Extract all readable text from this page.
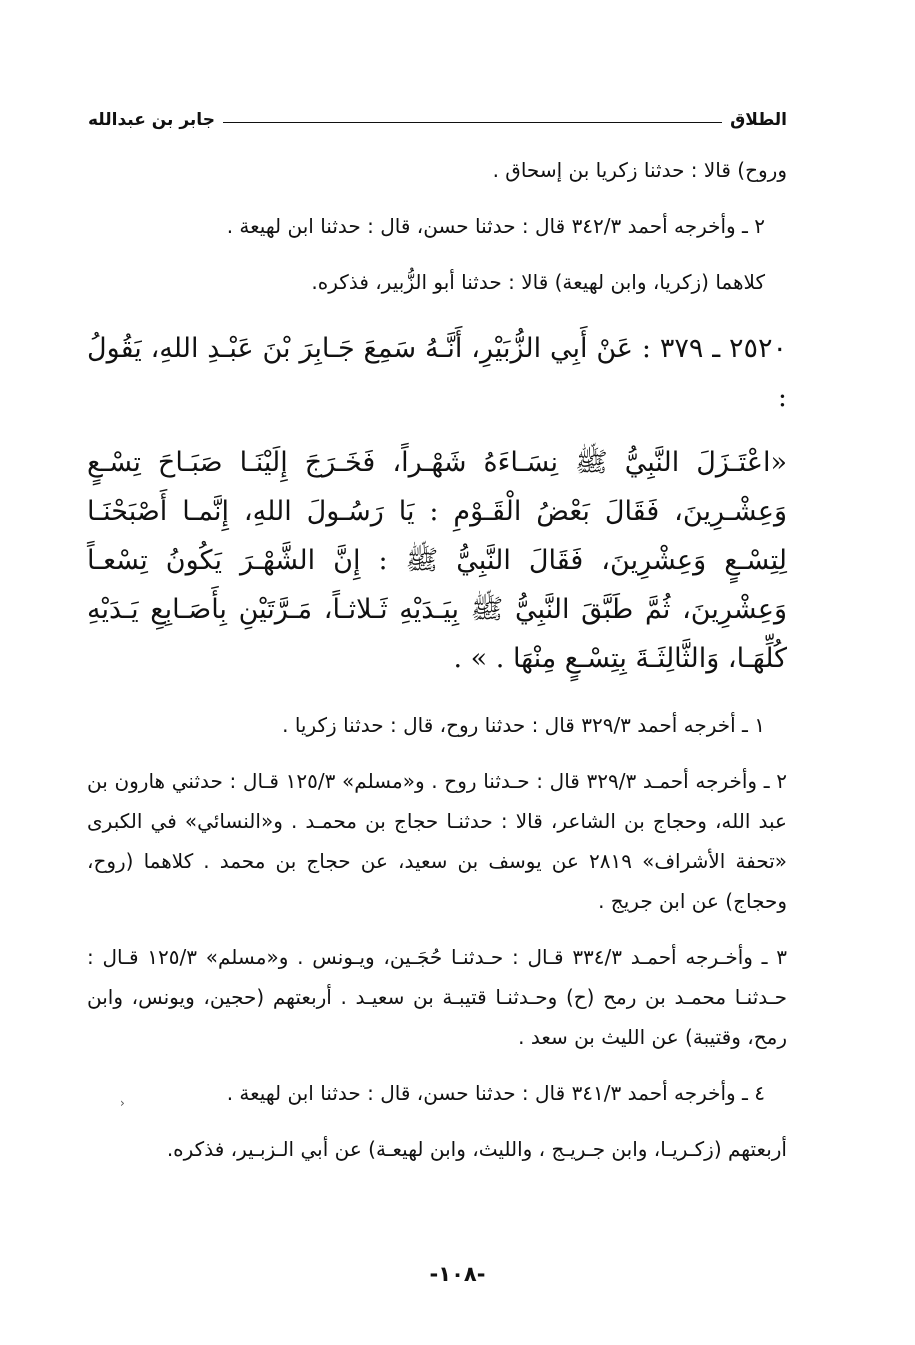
الطلاق
جابر بن عبدالله

وروح) قالا : حدثنا زكريا بن إسحاق .

٢ ـ وأخرجه أحمد ٣٤٢/٣ قال : حدثنا حسن، قال : حدثنا ابن لهيعة .

كلاهما (زكريا، وابن لهيعة) قالا : حدثنا أبو الزُّبير، فذكره.

٢٥٢٠ ـ ٣٧٩ : عَنْ أَبِي الزُّبَيْرِ، أَنَّـهُ سَمِعَ جَـابِرَ بْنَ عَبْـدِ اللهِ، يَقُولُ :

«اعْتَـزَلَ النَّبِيُّ ﷺ نِسَـاءَهُ شَهْـراً، فَخَـرَجَ إِلَيْنَـا صَبَـاحَ تِسْـعٍ وَعِشْـرِينَ، فَقَالَ بَعْضُ الْقَـوْمِ : يَا رَسُـولَ اللهِ، إِنَّمـا أَصْبَحْنَـا لِتِسْـعٍ وَعِشْرِينَ، فَقَالَ النَّبِيُّ ﷺ : إِنَّ الشَّهْـرَ يَكُونُ تِسْعـاً وَعِشْرِينَ، ثُمَّ طَبَّقَ النَّبِيُّ ﷺ بِيَـدَيْهِ ثَـلاثـاً، مَـرَّتَيْنِ بِأَصَـابِعِ يَـدَيْهِ كُلِّهَـا، وَالثَّالِثَـةَ بِتِسْـعٍ مِنْهَا . » .

١ ـ أخرجه أحمد ٣٢٩/٣ قال : حدثنا روح، قال : حدثنا زكريا .

٢ ـ وأخرجه أحمـد ٣٢٩/٣ قال : حـدثنا روح . و«مسلم» ١٢٥/٣ قـال : حدثني هارون بن عبد الله، وحجاج بن الشاعر، قالا : حدثنـا حجاج بن محمـد . و«النسائي» في الكبرى «تحفة الأشراف» ٢٨١٩ عن يوسف بن سعيد، عن حجاج بن محمد . كلاهما (روح، وحجاج) عن ابن جريج .

٣ ـ وأخـرجه أحمـد ٣٣٤/٣ قـال : حـدثنـا حُجَـين، ويـونس . و«مسلم» ١٢٥/٣ قـال : حـدثنـا محمـد بن رمح (ح) وحـدثنـا قتيبـة بن سعيـد . أربعتهم (حجين، ويونس، وابن رمح، وقتيبة) عن الليث بن سعد .

٤ ـ وأخرجه أحمد ٣٤١/٣ قال : حدثنا حسن، قال : حدثنا ابن لهيعة .

أربعتهم (زكـريـا، وابن جـريـج ، والليث، وابن لهيعـة) عن أبي الـزبـير، فذكره.

‹
-١٠٨-
